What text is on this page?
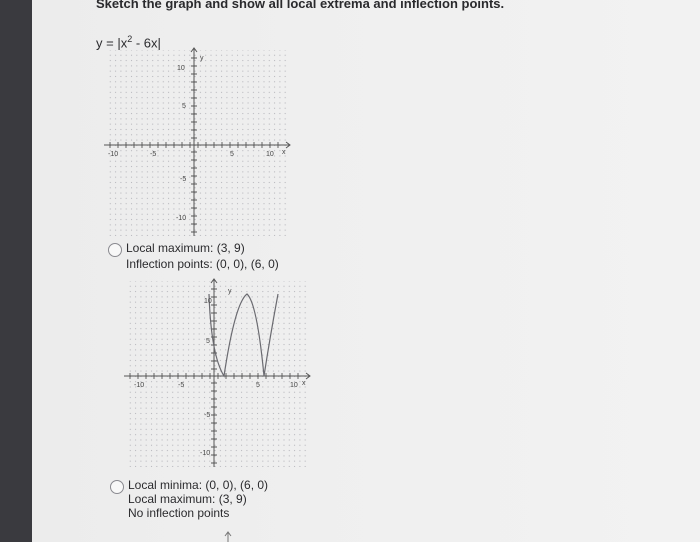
Sketch the graph and show all local extrema and inflection points.
$y = |x^2 - 6x|$
y
x
10
5
-5
-10
-10	-5	5	10
Local maximum: (3, 9)
Inflection points: (0, 0), (6, 0)
y
x
10
5
-5
-10
-10	-5	5	10
Local minima: (0, 0), (6, 0)
Local maximum: (3, 9)
No inflection points
